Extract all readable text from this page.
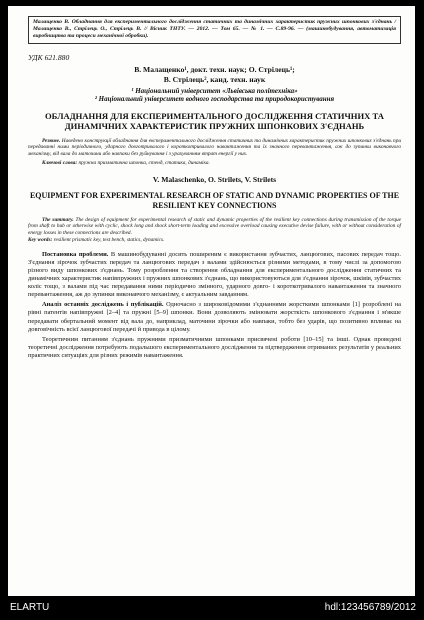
Малащенко В. Обладнання для експериментального дослідження статичних та динамічних характеристик пружних шпонкових з'єднань / Малащенко В., Стрілець О., Стрілець В. // Вісник ТНТУ. — 2012. — Том 65. — № 1. — С.89-96. — (машинобудування, автоматизація виробництва та процеси механічної обробки).
УДК 621.880
В. Малащенко¹, докт. техн. наук; О. Стрілець¹;
В. Стрілець², канд. техн. наук
¹ Національний університет «Львівська політехніка»
² Національний університет водного господарства та природокористування
ОБЛАДНАННЯ ДЛЯ ЕКСПЕРИМЕНТАЛЬНОГО ДОСЛІДЖЕННЯ СТАТИЧНИХ ТА ДИНАМІЧНИХ ХАРАКТЕРИСТИК ПРУЖНИХ ШПОНКОВИХ З'ЄДНАНЬ
Резюме. Наведено конструкції обладнання для експериментального дослідження статичних та динамічних характеристик пружних шпонкових з'єднань при передаванні ними періодичного, ударного довготривалого і короткотривалого навантаження та їх значного перевантаження, аж до зупинки виконавчого механізму, від вала до маточини або навпаки без руйнування і з урахуванням втрат енергії у них.
Ключові слова: пружна призматична шпонка, стенд, статика, динаміка.
V. Malaschenko, O. Strilets, V. Strilets
EQUIPMENT FOR EXPERIMENTAL RESEARCH OF STATIC AND DYNAMIC PROPERTIES OF THE RESILIENT KEY CONNECTIONS
The summary. The design of equipment for experimental research of static and dynamic properties of the resilient key connections during transmission of the torque from shaft to hub or otherwise with cyclic, shock long and shock short-term loading and excessive overload causing executive devise failure, with or without consideration of energy losses in these connections are described.
Key words: resilient prismatic key, test bench, statics, dynamics.

Постановка проблеми. В машинобудуванні досить поширеним є використання зубчастих, ланцюгових, пасових передач тощо. З'єднання зірочок зубчастих передач та ланцюгових передач з валами здійснюється різними методами, в тому числі за допомогою різного виду шпонкових з'єднань. Тому розроблення та створення обладнання для експериментального дослідження статичних та динамічних характеристик напівпружних і пружних шпонкових з'єднань, що використовуються для з'єднання зірочок, шківів, зубчастих коліс тощо, з валами під час передавання ними періодично змінного, ударного довго- і короткотривалого навантаження та значного перевантаження, аж до зупинки виконавчого механізму, є актуальним завданням.

Аналіз останніх досліджень і публікацій. Одночасно з широковідомими з'єднаннями жорсткими шпонками [1] розроблені на рівні патентів напівпружні [2–4] та пружні [5–9] шпонки. Вони дозволяють змінювати жорсткість шпонкового з'єднання і м'якше передавати обертальний момент від вала до, наприклад, маточини зірочки або навпаки, тобто без ударів, що позитивно впливає на довговічність всієї ланцюгової передачі й привода в цілому.

Теоретичним питанням з'єднань пружними призматичними шпонками присвячені роботи [10–15] та інші. Однак проведені теоретичні дослідження потребують подальшого експериментального дослідження та підтвердження отриманих результатів у реальних практичних ситуаціях для різних режимів навантаження.

ELARTU	hdl:123456789/2012
